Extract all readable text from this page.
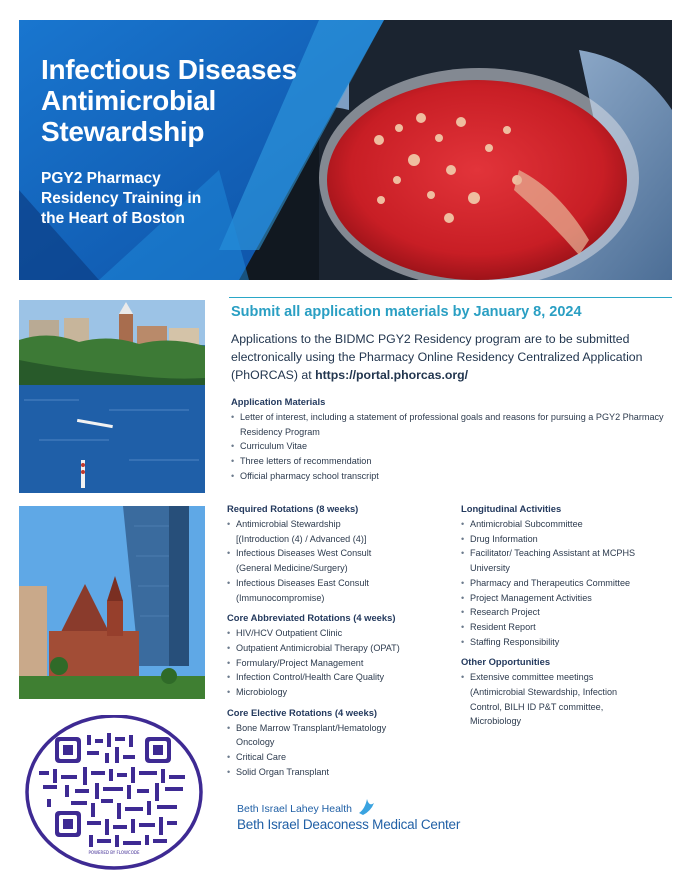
Infectious Diseases
Antimicrobial
Stewardship
PGY2 Pharmacy
Residency Training in
the Heart of Boston
POWERED BY FLOWCODE
Submit all application materials by January 8, 2024
Applications to the BIDMC PGY2 Residency program are to be submitted electronically using the Pharmacy Online Residency Centralized Application (PhORCAS) at https://portal.phorcas.org/
Application Materials
• Letter of interest, including a statement of professional goals and reasons for pursuing a PGY2 Pharmacy Residency Program
• Curriculum Vitae
• Three letters of recommendation
• Official pharmacy school transcript
Required Rotations (8 weeks)
• Antimicrobial Stewardship [(Introduction (4) / Advanced (4)]
• Infectious Diseases West Consult (General Medicine/Surgery)
• Infectious Diseases East Consult (Immunocompromise)
Core Abbreviated Rotations (4 weeks)
• HIV/HCV Outpatient Clinic
• Outpatient Antimicrobial Therapy (OPAT)
• Formulary/Project Management
• Infection Control/Health Care Quality
• Microbiology
Core Elective Rotations (4 weeks)
• Bone Marrow Transplant/Hematology Oncology
• Critical Care
• Solid Organ Transplant
Longitudinal Activities
• Antimicrobial Subcommittee
• Drug Information
• Facilitator/ Teaching Assistant at MCPHS University
• Pharmacy and Therapeutics Committee
• Project Management Activities
• Research Project
• Resident Report
• Staffing Responsibility
Other Opportunities
• Extensive committee meetings (Antimicrobial Stewardship, Infection Control, BILH ID P&T committee, Microbiology
Beth Israel Lahey Health
Beth Israel Deaconess Medical Center
